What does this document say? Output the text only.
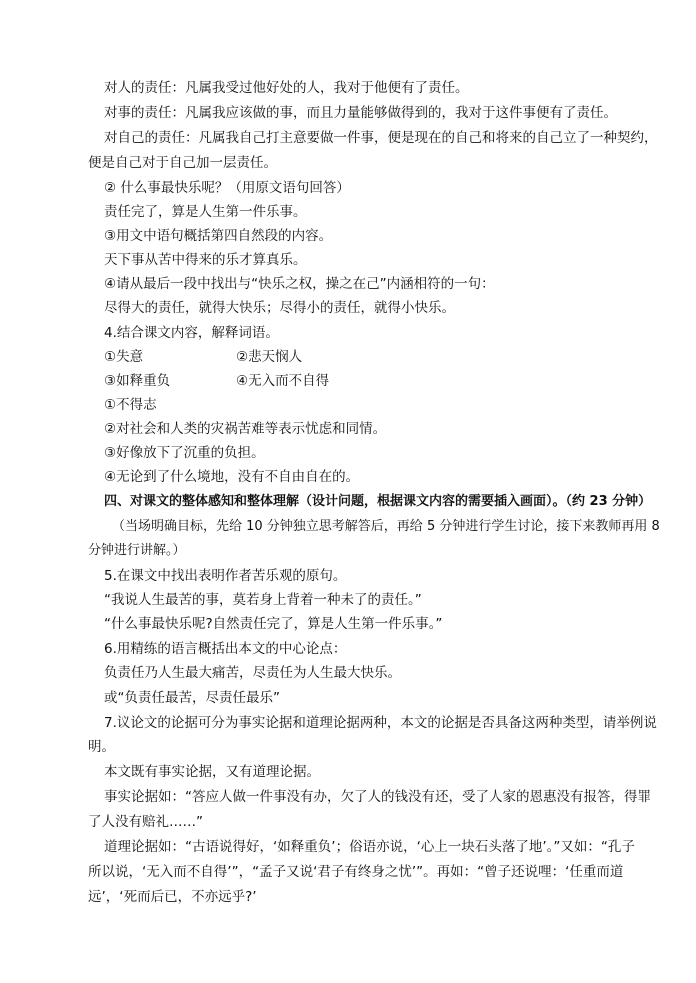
对人的责任：凡属我受过他好处的人，我对于他便有了责任。
对事的责任：凡属我应该做的事，而且力量能够做得到的，我对于这件事便有了责任。
对自己的责任：凡属我自己打主意要做一件事，便是现在的自己和将来的自己立了一种契约，
便是自己对于自己加一层责任。
② 什么事最快乐呢？（用原文语句回答）
责任完了，算是人生第一件乐事。
③用文中语句概括第四自然段的内容。
天下事从苦中得来的乐才算真乐。
④请从最后一段中找出与“快乐之权，操之在己”内涵相符的一句：
尽得大的责任，就得大快乐；尽得小的责任，就得小快乐。
4.结合课文内容，解释词语。
①失意	②悲天悯人
③如释重负	④无入而不自得
①不得志
②对社会和人类的灾祸苦难等表示忧虑和同情。
③好像放下了沉重的负担。
④无论到了什么境地，没有不自由自在的。
四、对课文的整体感知和整体理解（设计问题，根据课文内容的需要插入画面）。（约 23 分钟）
（当场明确目标，先给 10 分钟独立思考解答后，再给 5 分钟进行学生讨论，接下来教师再用 8
分钟进行讲解。）
5.在课文中找出表明作者苦乐观的原句。
“我说人生最苦的事，莫若身上背着一种未了的责任。”
“什么事最快乐呢?自然责任完了，算是人生第一件乐事。”
6.用精练的语言概括出本文的中心论点：
负责任乃人生最大痛苦，尽责任为人生最大快乐。
或“负责任最苦，尽责任最乐”
7.议论文的论据可分为事实论据和道理论据两种，本文的论据是否具备这两种类型，请举例说
明。
本文既有事实论据，又有道理论据。
事实论据如：“答应人做一件事没有办，欠了人的钱没有还，受了人家的恩惠没有报答，得罪
了人没有赔礼……”
道理论据如：“古语说得好，‘如释重负’；俗语亦说，‘心上一块石头落了地’。”又如：“孔子
所以说，‘无入而不自得’”，“孟子又说‘君子有终身之忧’”。再如：“曾子还说哩：‘任重而道
远’，‘死而后已，不亦远乎?’
